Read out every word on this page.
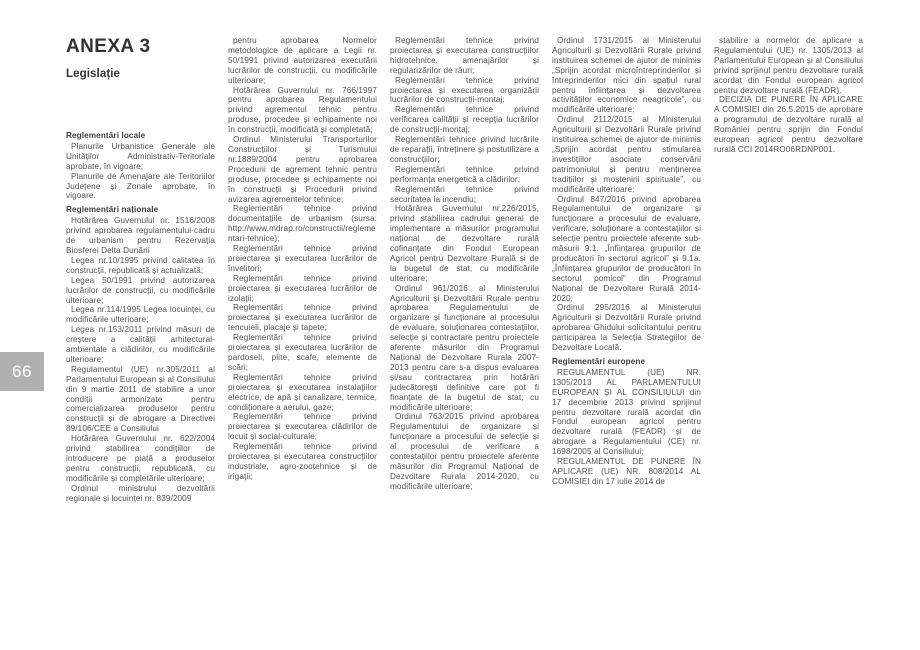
66
ANEXA 3
Legislație
Reglementări locale

Planurile Urbanistice Generale ale Unităților Administrativ-Teritoriale aprobate, în vigoare;

Planurile de Amenajare ale Teritoriilor Județene și Zonale aprobate, în vigoare.

Reglementări naționale

Hotărârea Guvernului nr. 1516/2008 privind aprobarea regulamentului-cadru de urbanism pentru Rezervația Biosferei Delta Dunării

Legea nr.10/1995 privind calitatea în construcții, republicată și actualizată;

Legea 50/1991 privind autorizarea lucrărilor de construcții, cu modificările ulterioare;

Legea nr.114/1995 Legea locuinței, cu modificările ulterioare;

Legea nr.153/2011 privind măsuri de creștere a calității arhitectural-ambientale a clădirilor, cu modificările ulterioare;

Regulamentul (UE) nr.305/2011 al Parlamentului European și al Consiliului din 9 martie 2011 de stabilire a unor condiții armonizate pentru comercializarea produselor pentru construcții și de abrogare a Directivei 89/106/CEE a Consiliului

Hotărârea Guvernului nr. 622/2004 privind stabilirea condițiilor de introducere pe piață a produselor pentru construcții, republicată, cu modificările și completările ulterioare;

Ordinul ministrului dezvoltării regionale și locuinței nr. 839/2009

pentru aprobarea Normelor metodologice de aplicare a Legii nr. 50/1991 privind autorizarea executării lucrărilor de construcții, cu modificările ulterioare;

Hotărârea Guvernului nr. 766/1997 pentru aprobarea Regulamentului privind agrementul tehnic pentru produse, procedee și echipamente noi în construcții, modificată și completată;

Ordinul Ministerului Transporturilor Construcțiilor și Turismului nr.1889/2004 pentru aprobarea Procedurii de agrement tehnic pentru produse, procedee și echipamente noi în construcții și Procedurii privind avizarea agrementelor tehnice;

Reglementări tehnice privind documentațiile de urbanism (sursa: http://www.mdrap.ro/constructii/reglementari-tehnice);

Reglementări tehnice privind proiectarea și executarea lucrărilor de învelitori;

Reglementări tehnice privind proiectarea și executarea lucrărilor de izolații;

Reglementări tehnice privind proiectarea și executarea lucrărilor de tencuieli, placaje și tapete;

Reglementări tehnice privind proiectarea și executarea lucrărilor de pardoseli, plite, scafe, elemente de scări;

Reglementări tehnice privind proiectarea și executarea instalațiilor electrice, de apă și canalizare, termice, condiționare a aerului, gaze;

Reglementări tehnice privind proiectarea și executarea clădirilor de locuit și social-culturale;

Reglementări tehnice privind proiectarea și executarea construcțiilor industriale, agro-zootehnice și de irigații;

Reglementări tehnice privind proiectarea și executarea construcțiilor hidrotehnice, amenajărilor și regularizărilor de râuri;

Reglementări tehnice privind proiectarea și executarea organizării lucrărilor de construcții-montaj;

Reglementări tehnice privind verificarea calității și recepția lucrărilor de construcții-montaj;

Reglementări tehnice privind lucrările de reparații, întreținere și postutilizare a construcțiilor;

Reglementări tehnice privind performanța energetică a clădirilor;

Reglementări tehnice privind securitatea la incendiu;

Hotărârea Guvernului nr.226/2015, privind stabilirea cadrului general de implementare a măsurilor programului național de dezvoltare rurală cofinanțate din Fondul European Agricol pentru Dezvoltare Rurală și de la bugetul de stat, cu modificările ulterioare;

Ordinul 961/2016 al Ministerului Agriculturii și Dezvoltării Rurale pentru aprobarea Regulamentului de organizare și funcționare al procesului de evaluare, soluționarea contestațiilor, selecție și contractare pentru proiectele aferente măsurilor din Programul Național de Dezvoltare Rurala 2007-2013 pentru care s-a dispus evaluarea și/sau contractarea prin hotărâri judecătorești definitive care pot fi finanțate de la bugetul de stat, cu modificările ulterioare;

Ordinul 763/2015 privind aprobarea Regulamentului de organizare și funcționare a procesului de selecție și al procesului de verificare a contestațiilor pentru proiectele aferente măsurilor din Programul Național de Dezvoltare Rurala 2014-2020, cu modificările ulterioare;

Ordinul 1731/2015 al Ministerului Agriculturii și Dezvoltării Rurale privind instituirea schemei de ajutor de minimis „Sprijin acordat microîntreprinderilor și întreprinderilor mici din spațiul rural pentru înființarea și dezvoltarea activităților economice neagricole”, cu modificările ulterioare;

Ordinul 2112/2015 al Ministerului Agriculturii și Dezvoltării Rurale privind instituirea schemei de ajutor de minimis „Sprijin acordat pentru stimularea investițiilor asociate conservării patrimoniului și pentru menținerea tradițiilor și moștenirii spirituale”, cu modificările ulterioare;

Ordinul 847/2016 privind aprobarea Regulamentului de organizare și funcționare a procesului de evaluare, verificare, soluționare a contestațiilor și selecție pentru proiectele aferente sub-măsurii 9.1. „Înființarea grupurilor de producători în sectorul agricol” și 9.1a. „Înființarea grupurilor de producători în sectorul pomicol” din Programul Național de Dezvoltare Rurală 2014-2020;

Ordinul 295/2016 al Ministerului Agriculturii și Dezvoltării Rurale privind aprobarea Ghidului solicitantului pentru participarea la Selecția Strategiilor de Dezvoltare Locală.

Reglementări europene

REGULAMENTUL (UE) NR. 1305/2013 AL PARLAMENTULUI EUROPEAN ȘI AL CONSILIULUI din 17 decembrie 2013 privind sprijinul pentru dezvoltare rurală acordat din Fondul european agricol pentru dezvoltare rurală (FEADR) și de abrogare a Regulamentului (CE) nr. 1698/2005 al Consiliului;

REGULAMENTUL DE PUNERE ÎN APLICARE (UE) NR. 808/2014 AL COMISIEI din 17 iulie 2014 de

stabilire a normelor de aplicare a Regulamentului (UE) nr. 1305/2013 al Parlamentului European și al Consiliului privind sprijinul pentru dezvoltare rurală acordat din Fondul european agricol pentru dezvoltare rurală (FEADR).

DECIZIA DE PUNERE ÎN APLICARE A COMISIEI din 26.5.2015 de aprobare a programului de dezvoltare rurală al României pentru sprijin din Fondul european agricol pentru dezvoltare rurală CCI 2014RO06RDNP001.
